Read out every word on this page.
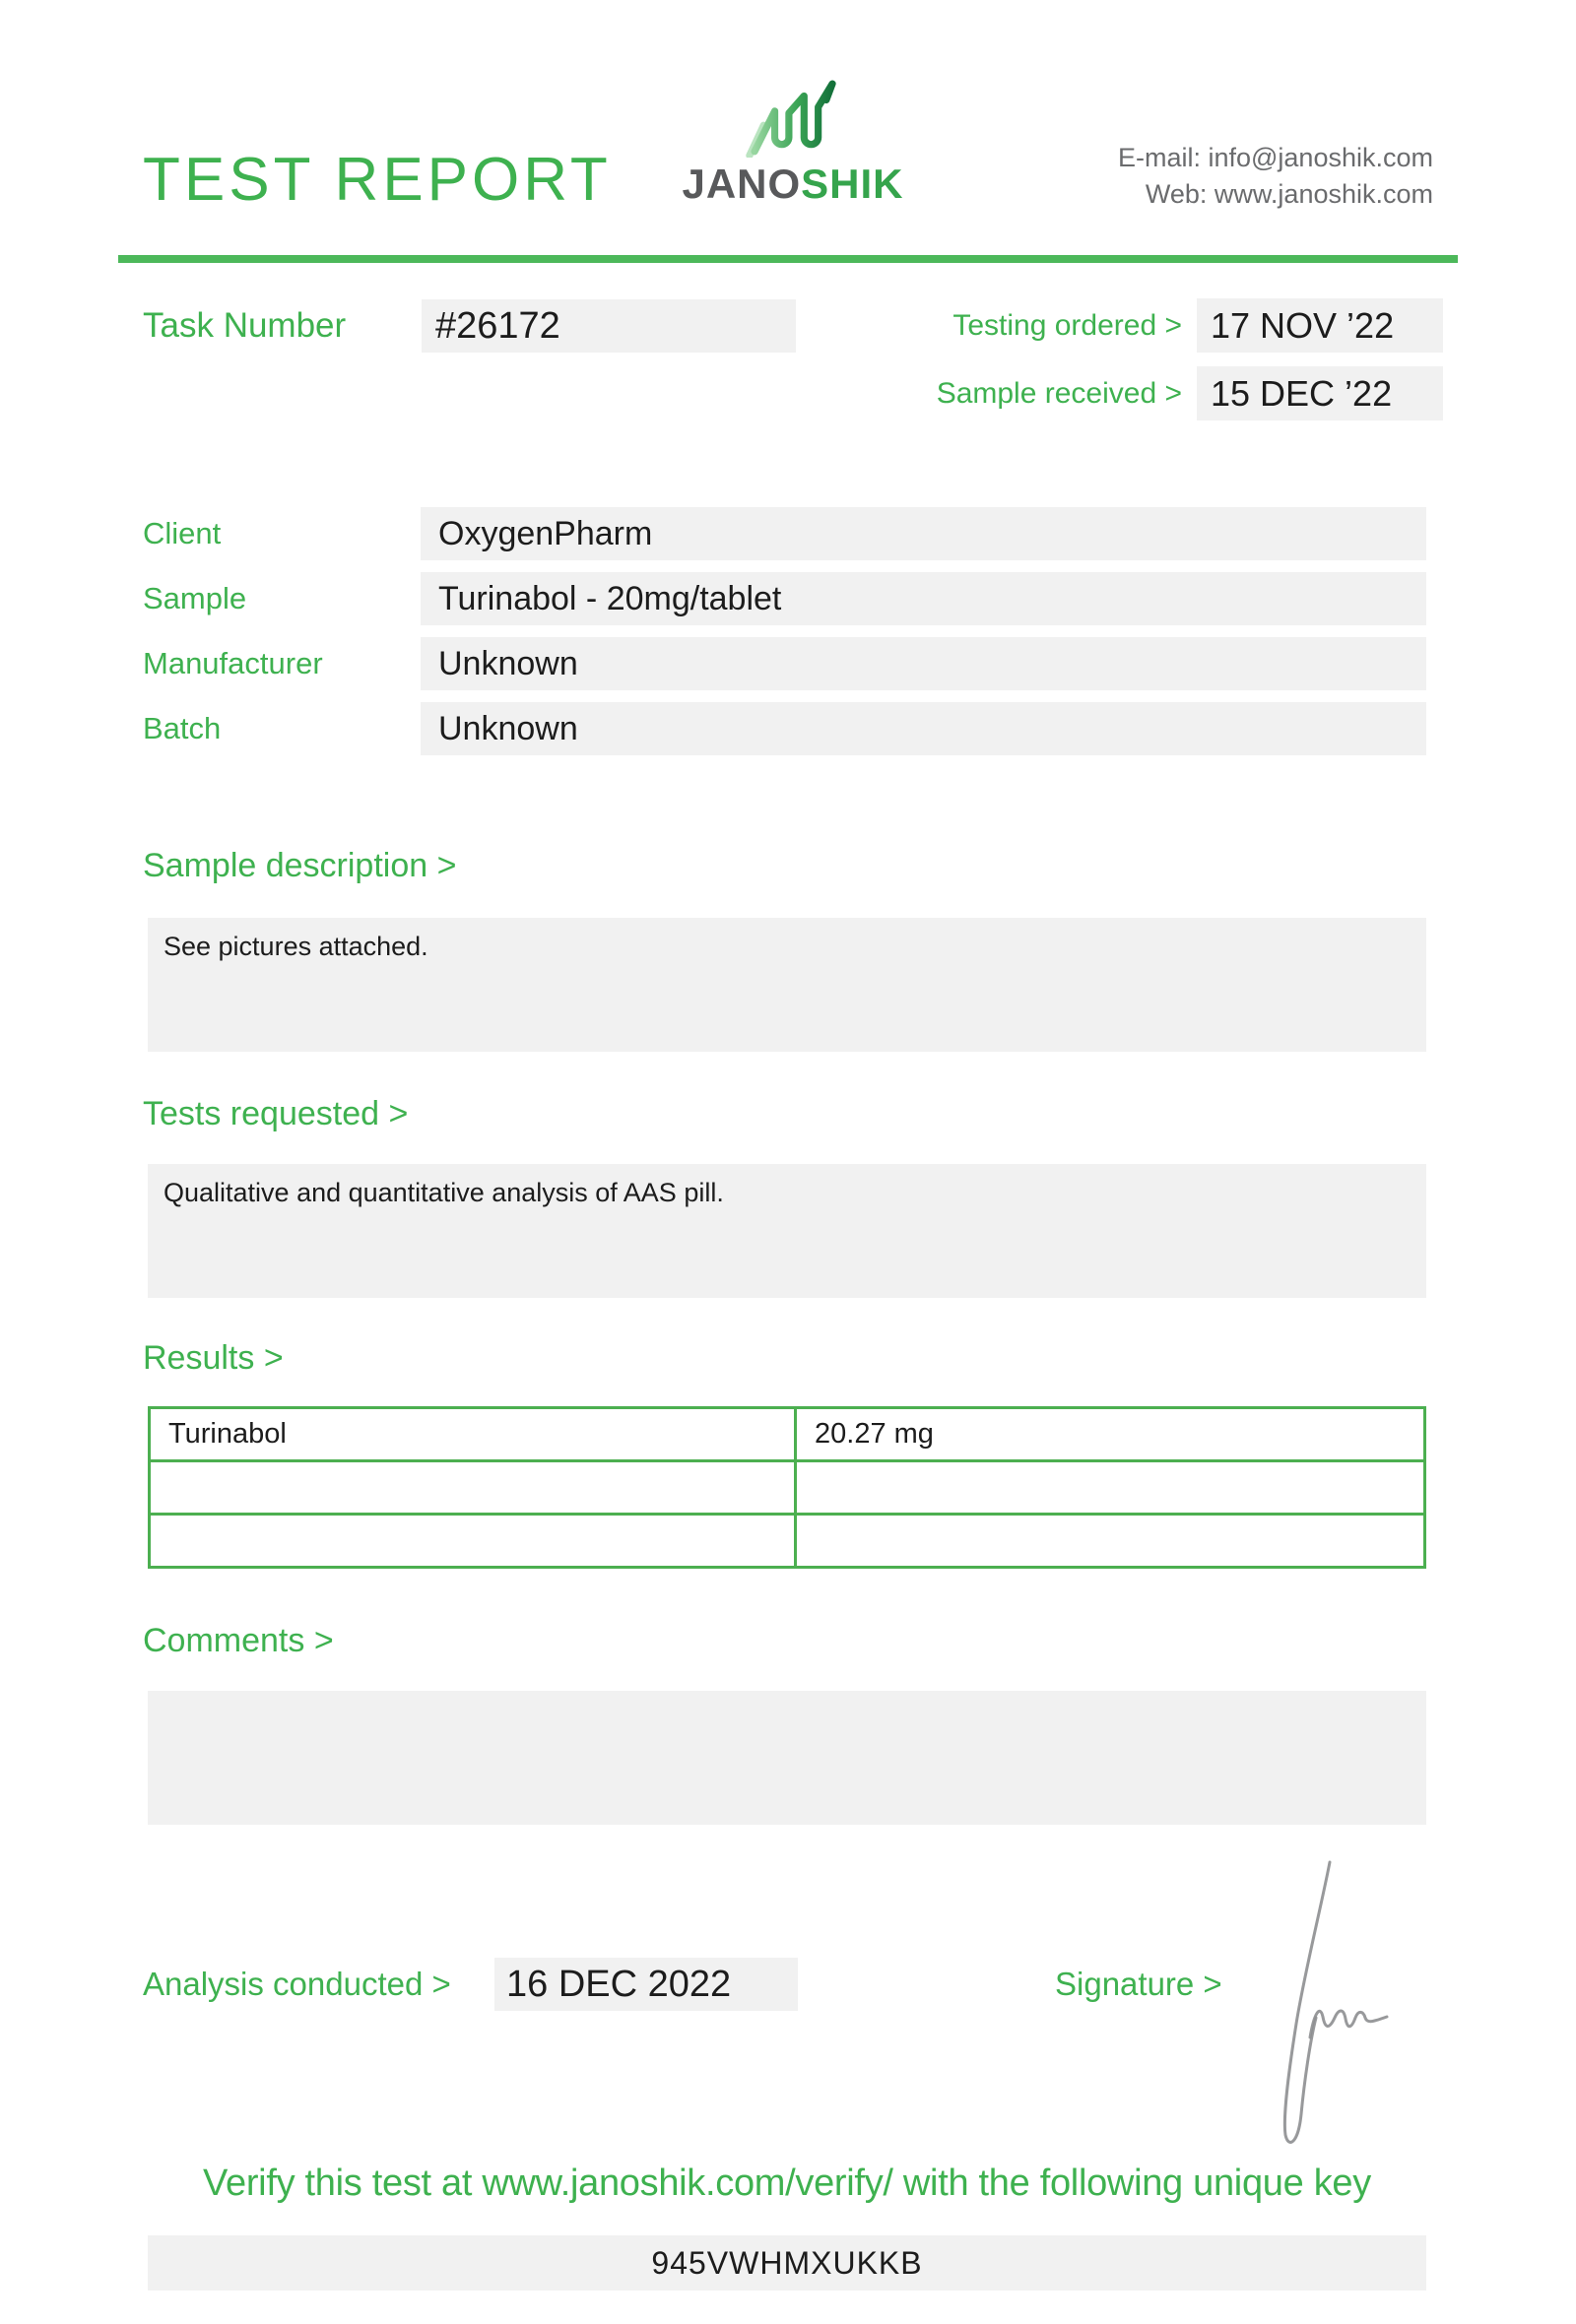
TEST REPORT JANOSHIK
E-mail: info@janoshik.com
Web: www.janoshik.com
Task Number	#26172	Testing ordered > 17 NOV ’22
Sample received > 15 DEC ’22
Client	OxygenPharm
Sample	Turinabol - 20mg/tablet
Manufacturer	Unknown
Batch	Unknown
Sample description >
See pictures attached.
Tests requested >
Qualitative and quantitative analysis of AAS pill.
Results >
Turinabol	20.27 mg

Comments >
Analysis conducted >	16 DEC 2022	Signature >
Verify this test at www.janoshik.com/verify/ with the following unique key
945VWHMXUKKB
